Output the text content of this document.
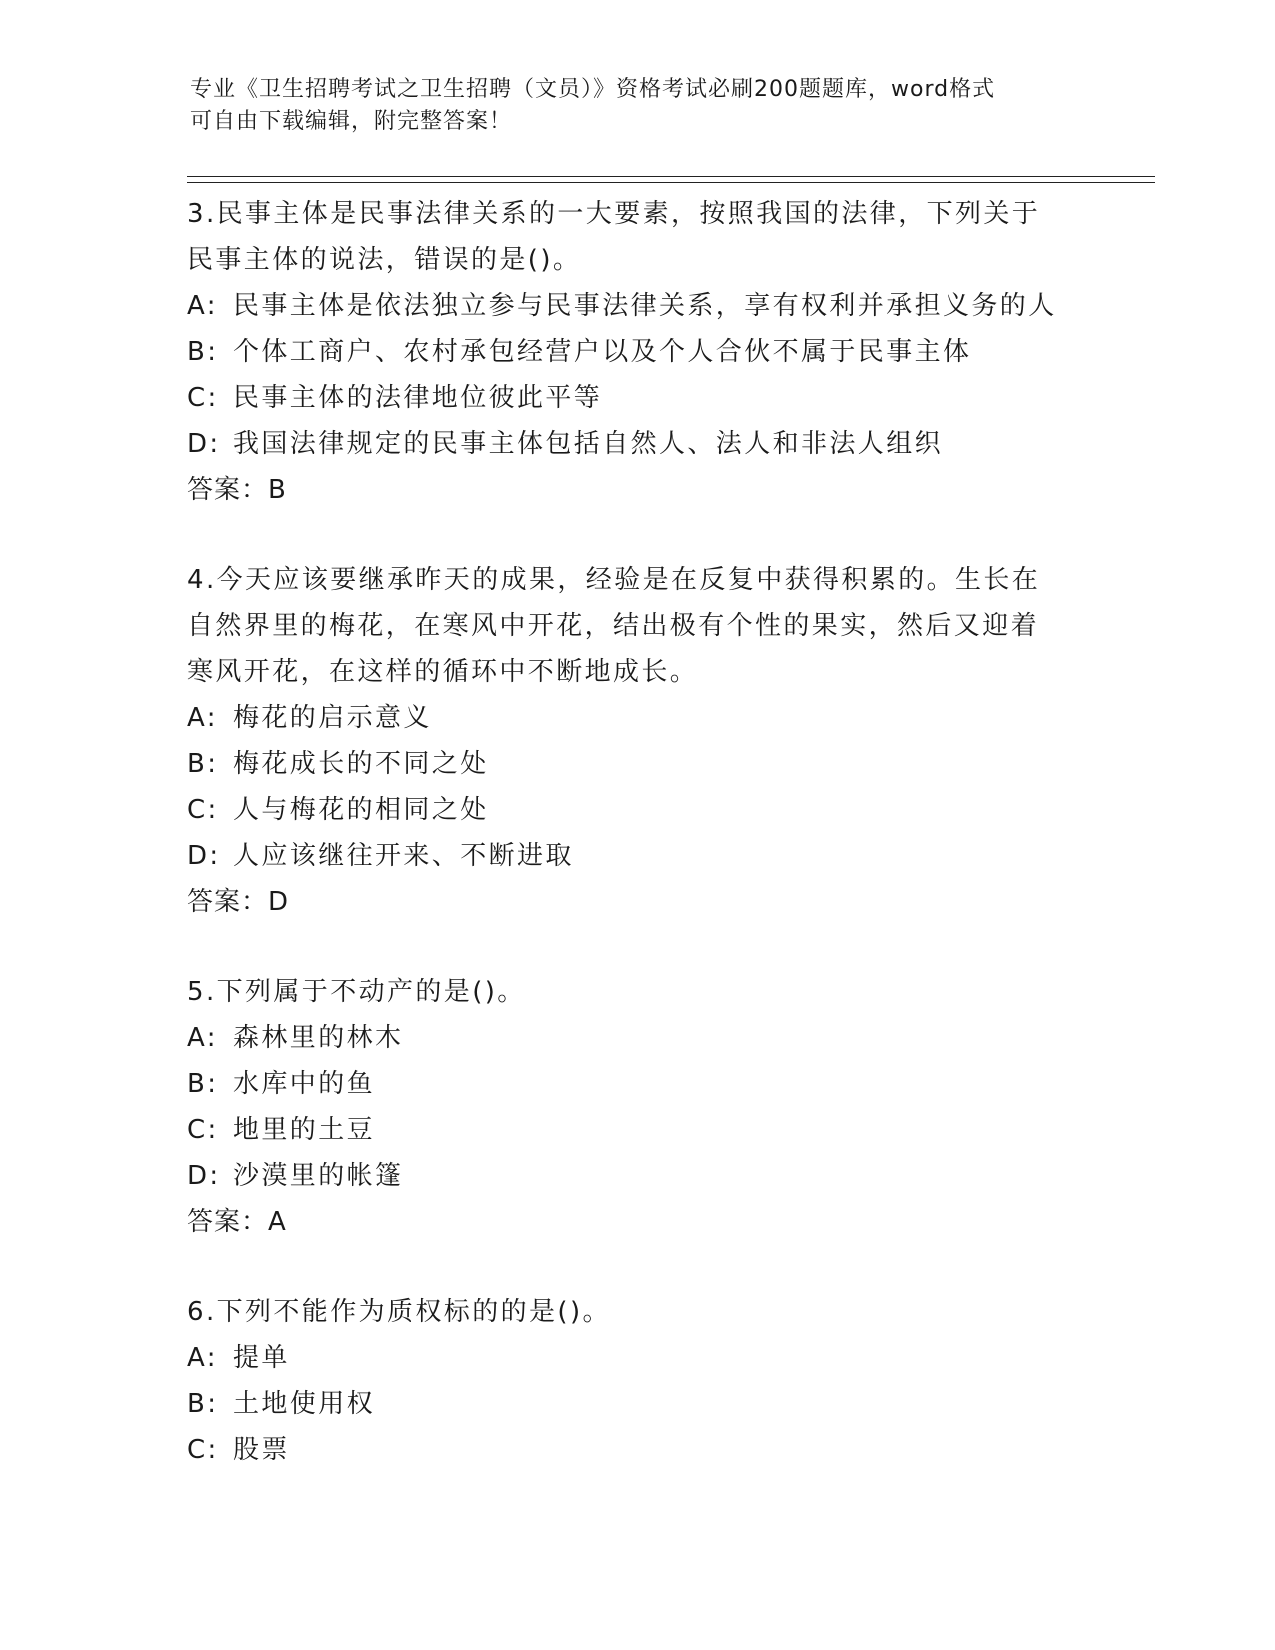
专业《卫生招聘考试之卫生招聘（文员）》资格考试必刷200题题库，word格式
可自由下载编辑，附完整答案！
3.民事主体是民事法律关系的一大要素，按照我国的法律，下列关于
民事主体的说法，错误的是()。
A: 民事主体是依法独立参与民事法律关系，享有权利并承担义务的人
B: 个体工商户、农村承包经营户以及个人合伙不属于民事主体
C: 民事主体的法律地位彼此平等
D: 我国法律规定的民事主体包括自然人、法人和非法人组织
答案：B
4.今天应该要继承昨天的成果，经验是在反复中获得积累的。生长在
自然界里的梅花，在寒风中开花，结出极有个性的果实，然后又迎着
寒风开花，在这样的循环中不断地成长。
A: 梅花的启示意义
B: 梅花成长的不同之处
C: 人与梅花的相同之处
D: 人应该继往开来、不断进取
答案：D
5.下列属于不动产的是()。
A: 森林里的林木
B: 水库中的鱼
C: 地里的土豆
D: 沙漠里的帐篷
答案：A
6.下列不能作为质权标的的是()。
A: 提单
B: 土地使用权
C: 股票
